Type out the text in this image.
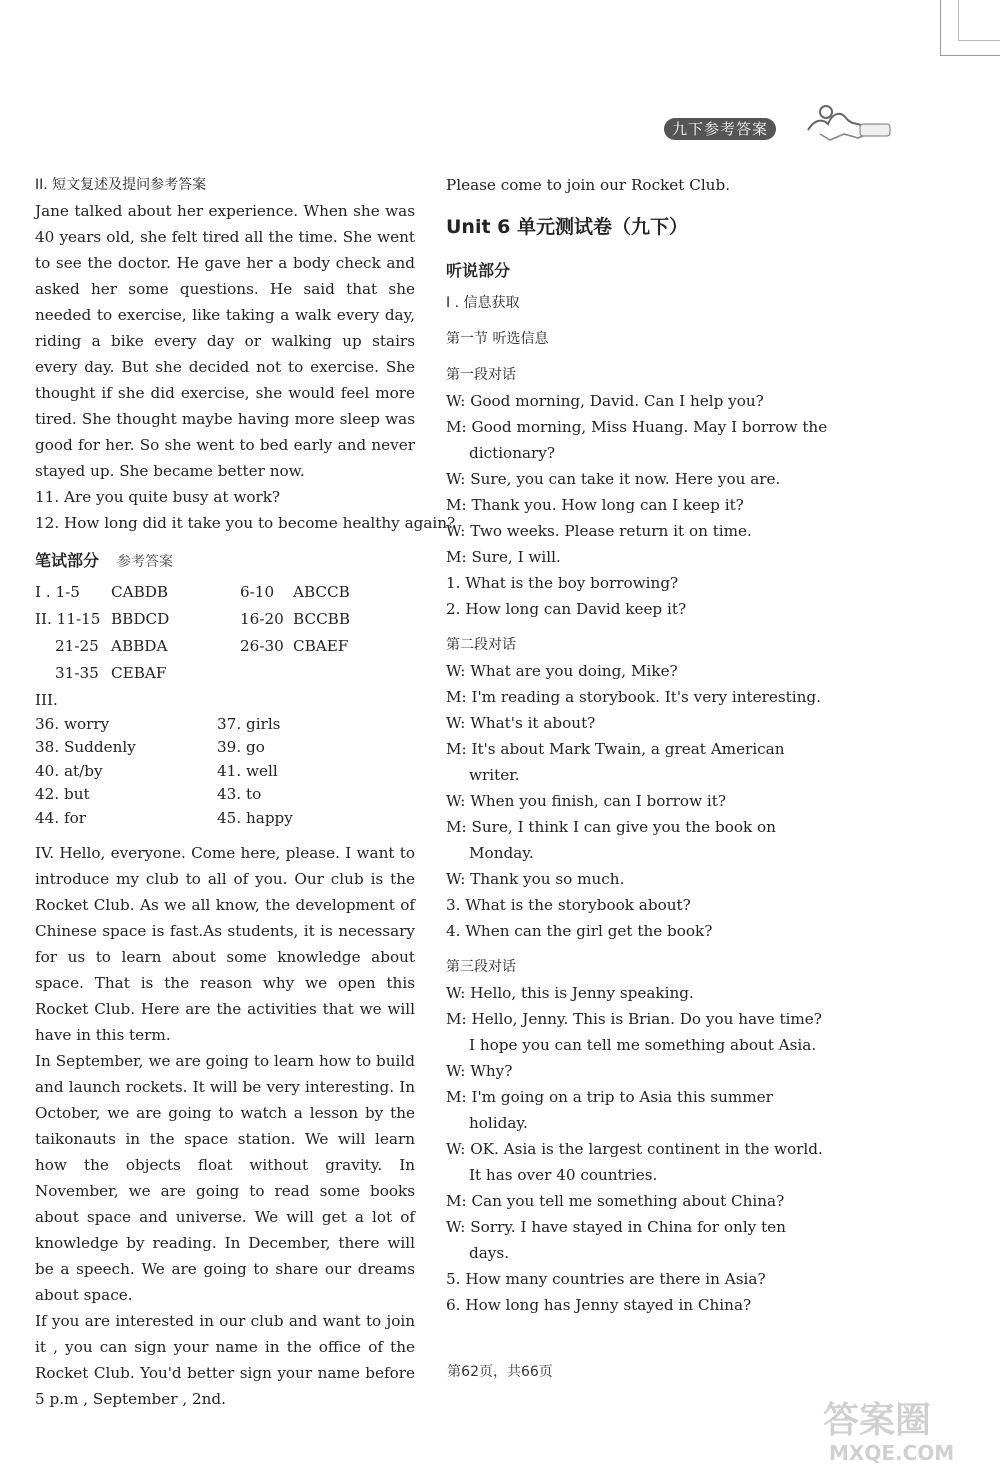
九下参考答案
II. 短文复述及提问参考答案
Jane talked about her experience. When she was 40 years old, she felt tired all the time. She went to see the doctor. He gave her a body check and asked her some questions. He said that she needed to exercise, like taking a walk every day, riding a bike every day or walking up stairs every day. But she decided not to exercise. She thought if she did exercise, she would feel more tired. She thought maybe having more sleep was good for her. So she went to bed early and never stayed up. She became better now.
11. Are you quite busy at work?
12. How long did it take you to become healthy again?
笔试部分 参考答案
I . 1-5 CABDB	6-10 ABCCB
II. 11-15 BBDCD	16-20 BCCBB
21-25 ABBDA	26-30 CBAEF
31-35 CEBAF
III.
36. worry	37. girls
38. Suddenly	39. go
40. at/by	41. well
42. but	43. to
44. for	45. happy
IV. Hello, everyone. Come here, please. I want to introduce my club to all of you. Our club is the Rocket Club. As we all know, the development of Chinese space is fast.As students, it is necessary for us to learn about some knowledge about space. That is the reason why we open this Rocket Club. Here are the activities that we will have in this term.
In September, we are going to learn how to build and launch rockets. It will be very interesting. In October, we are going to watch a lesson by the taikonauts in the space station. We will learn how the objects float without gravity. In November, we are going to read some books about space and universe. We will get a lot of knowledge by reading. In December, there will be a speech. We are going to share our dreams about space.
If you are interested in our club and want to join it , you can sign your name in the office of the Rocket Club. You'd better sign your name before 5 p.m , September , 2nd.
Please come to join our Rocket Club.
Unit 6 单元测试卷（九下）
听说部分
I . 信息获取
第一节 听选信息
第一段对话
W: Good morning, David. Can I help you?
M: Good morning, Miss Huang. May I borrow the dictionary?
W: Sure, you can take it now. Here you are.
M: Thank you. How long can I keep it?
W: Two weeks. Please return it on time.
M: Sure, I will.
1. What is the boy borrowing?
2. How long can David keep it?
第二段对话
W: What are you doing, Mike?
M: I'm reading a storybook. It's very interesting.
W: What's it about?
M: It's about Mark Twain, a great American writer.
W: When you finish, can I borrow it?
M: Sure, I think I can give you the book on Monday.
W: Thank you so much.
3. What is the storybook about?
4. When can the girl get the book?
第三段对话
W: Hello, this is Jenny speaking.
M: Hello, Jenny. This is Brian. Do you have time? I hope you can tell me something about Asia.
W: Why?
M: I'm going on a trip to Asia this summer holiday.
W: OK. Asia is the largest continent in the world. It has over 40 countries.
M: Can you tell me something about China?
W: Sorry. I have stayed in China for only ten days.
5. How many countries are there in Asia?
6. How long has Jenny stayed in China?
第62页，共66页
答案圈
MXQE.COM
